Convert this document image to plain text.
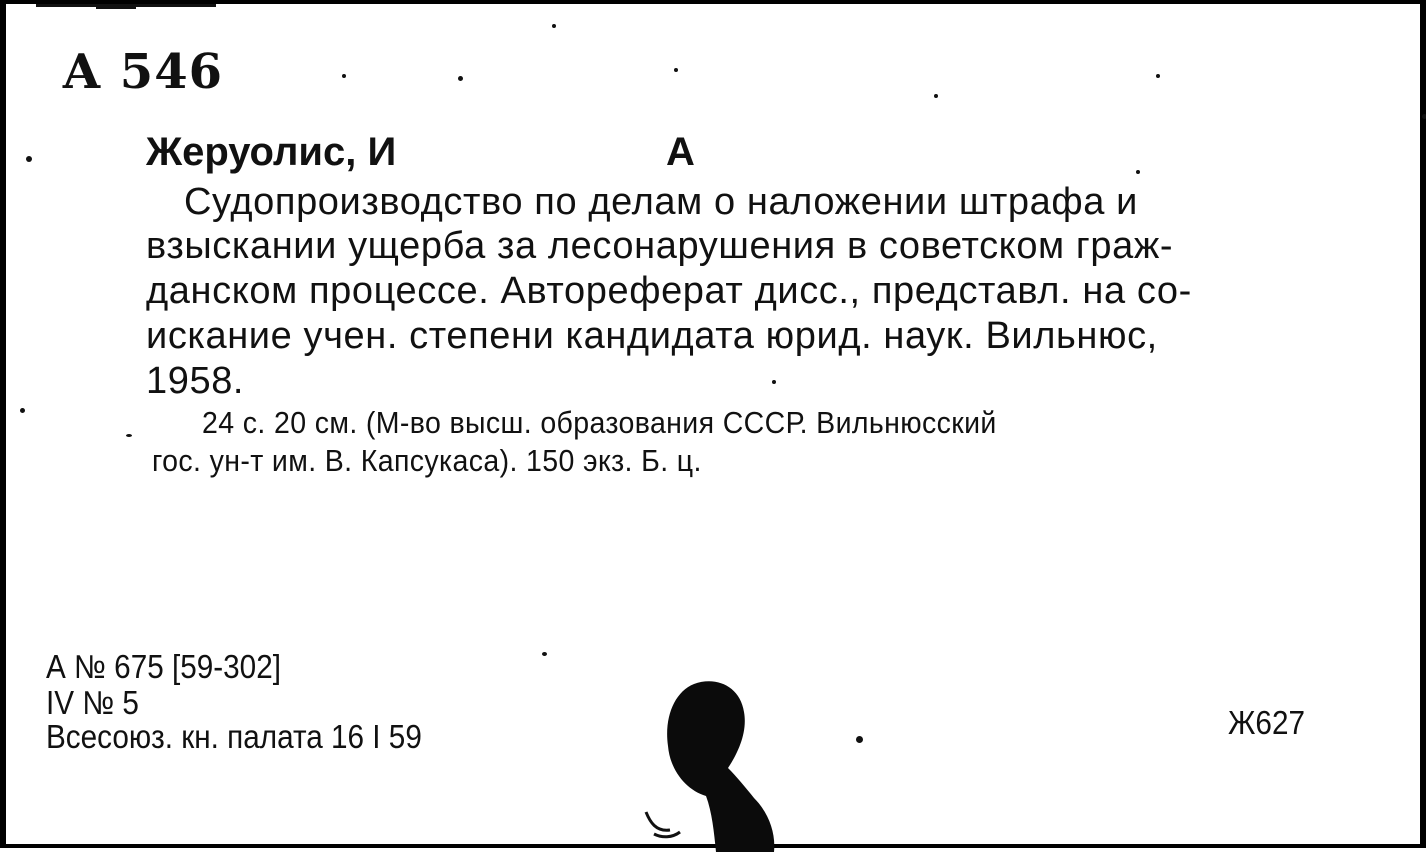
А 546
Жеруолис, И	А
Судопроизводство по делам о наложении штрафа и
взыскании ущерба за лесонарушения в советском граж-
данском процессе. Автореферат дисс., представл. на со-
искание учен. степени кандидата юрид. наук. Вильнюс,
1958.
24 с. 20 см. (М-во высш. образования СССР. Вильнюсский
гос. ун-т им. В. Капсукаса). 150 экз. Б. ц.
А № 675 [59-302]
IV № 5
Всесоюз. кн. палата 16 I 59	Ж627
